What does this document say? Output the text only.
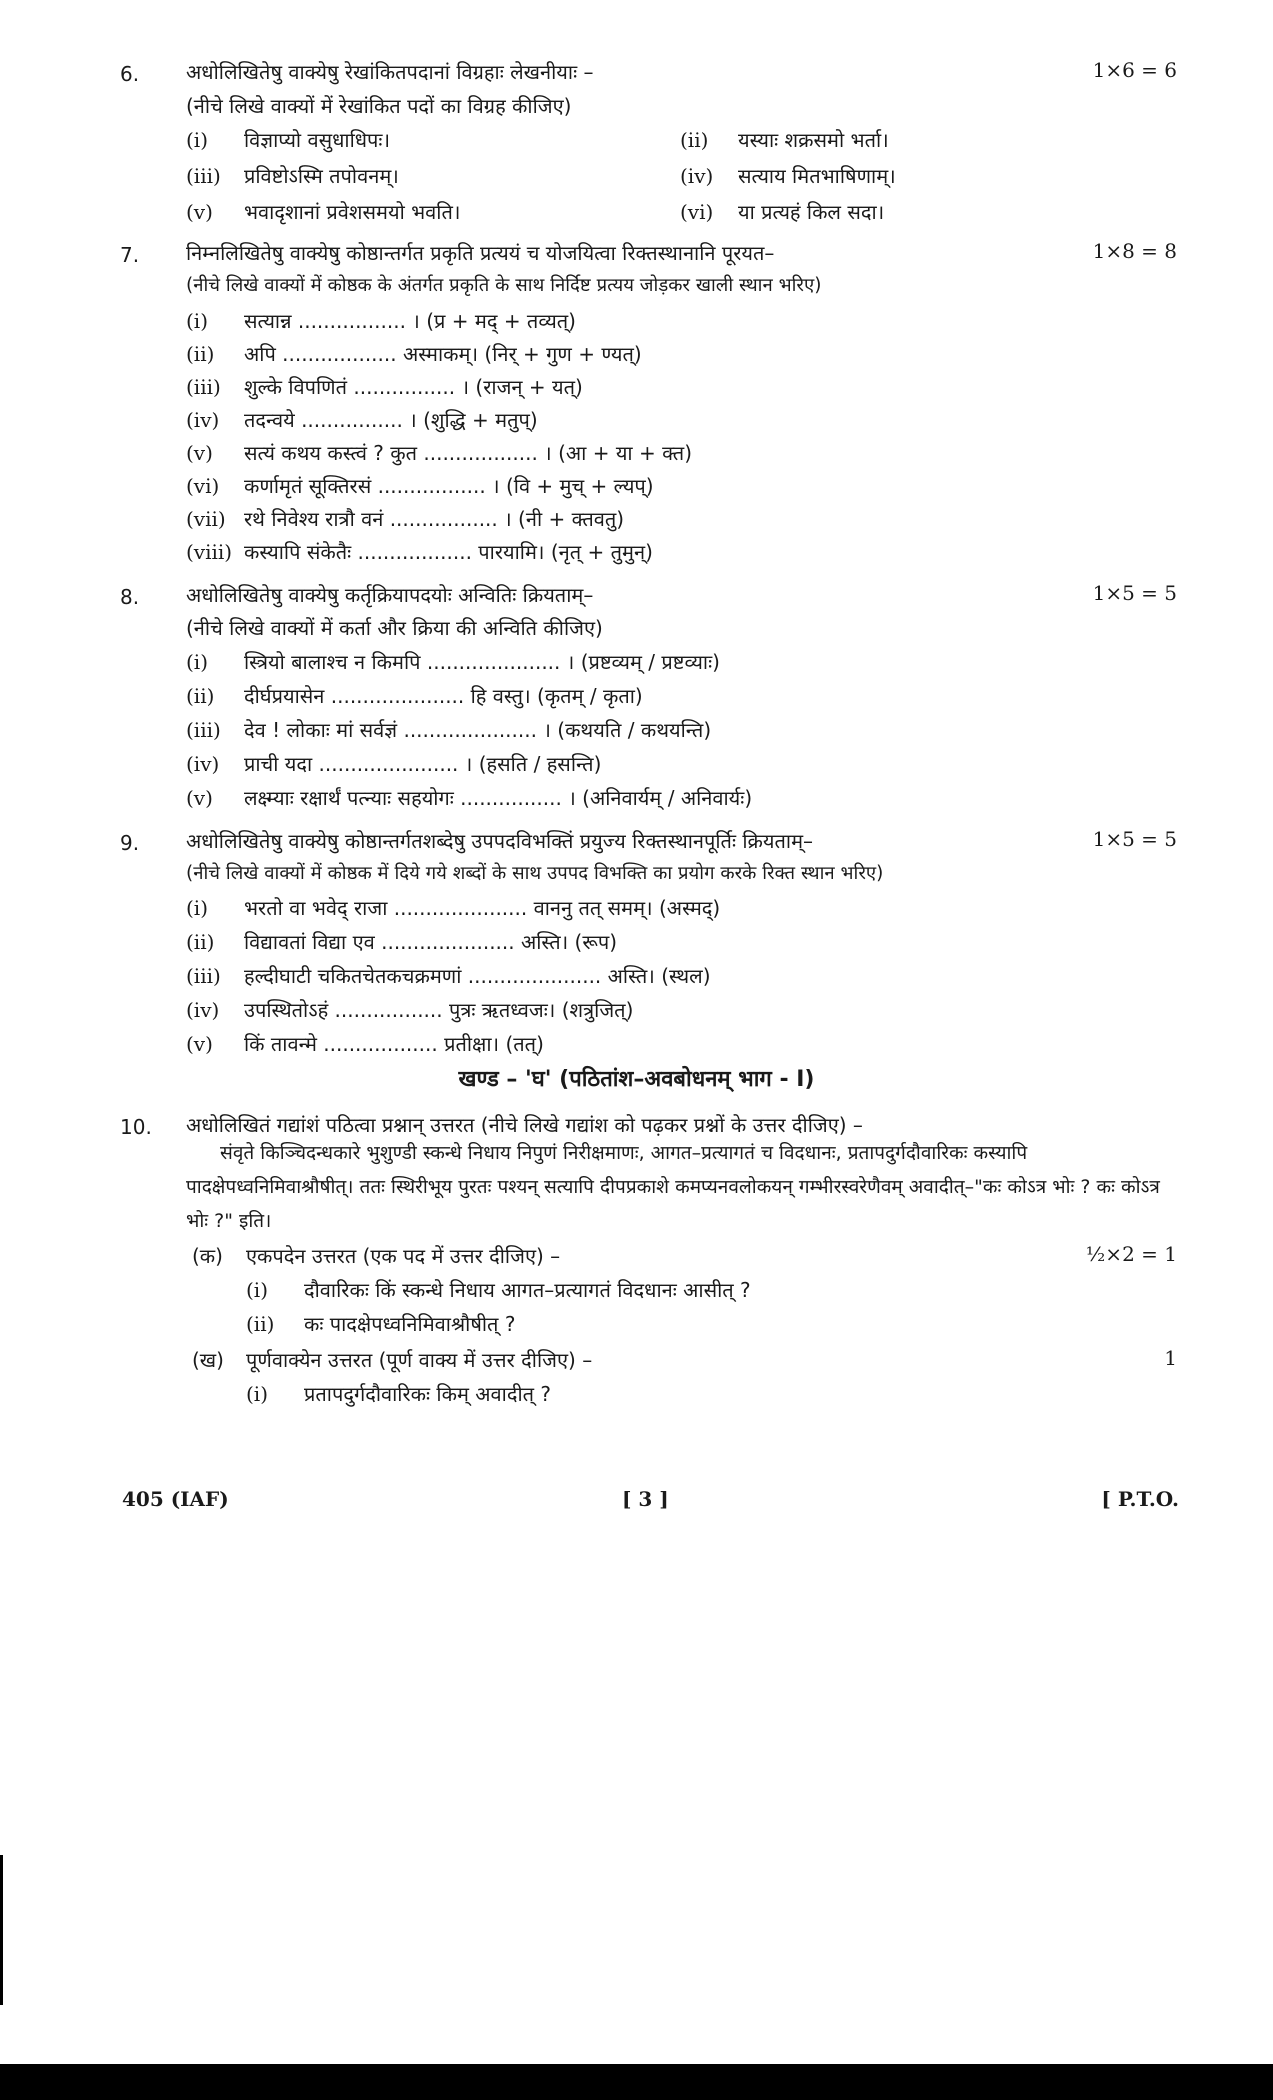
6. अधोलिखितेषु वाक्येषु रेखांकितपदानां विग्रहाः लेखनीयाः –	1×6 = 6
(नीचे लिखे वाक्यों में रेखांकित पदों का विग्रह कीजिए)
(i) विज्ञाप्यो वसुधाधिपः।	(ii) यस्याः शक्रसमो भर्ता।
(iii) प्रविष्टोऽस्मि तपोवनम्।	(iv) सत्याय मितभाषिणाम्।
(v) भवादृशानां प्रवेशसमयो भवति।	(vi) या प्रत्यहं किल सदा।
7. निम्नलिखितेषु वाक्येषु कोष्ठान्तर्गत प्रकृति प्रत्ययं च योजयित्वा रिक्तस्थानानि पूरयत–	1×8 = 8
(नीचे लिखे वाक्यों में कोष्ठक के अंतर्गत प्रकृति के साथ निर्दिष्ट प्रत्यय जोड़कर खाली स्थान भरिए)
(i) सत्यान्न ................. । (प्र + मद् + तव्यत्)
(ii) अपि .................. अस्माकम्। (निर् + गुण + ण्यत्)
(iii) शुल्के विपणितं ................ । (राजन् + यत्)
(iv) तदन्वये ................ । (शुद्धि + मतुप्)
(v) सत्यं कथय कस्त्वं ? कुत .................. । (आ + या + क्त)
(vi) कर्णामृतं सूक्तिरसं ................. । (वि + मुच् + ल्यप्)
(vii) रथे निवेश्य रात्रौ वनं ................. । (नी + क्तवतु)
(viii) कस्यापि संकेतैः .................. पारयामि। (नृत् + तुमुन्)
8. अधोलिखितेषु वाक्येषु कर्तृक्रियापदयोः अन्वितिः क्रियताम्–	1×5 = 5
(नीचे लिखे वाक्यों में कर्ता और क्रिया की अन्विति कीजिए)
(i) स्त्रियो बालाश्च न किमपि ..................... । (प्रष्टव्यम् / प्रष्टव्याः)
(ii) दीर्घप्रयासेन ..................... हि वस्तु। (कृतम् / कृता)
(iii) देव ! लोकाः मां सर्वज्ञं ..................... । (कथयति / कथयन्ति)
(iv) प्राची यदा ...................... । (हसति / हसन्ति)
(v) लक्ष्म्याः रक्षार्थं पत्न्याः सहयोगः ................ । (अनिवार्यम् / अनिवार्यः)
9. अधोलिखितेषु वाक्येषु कोष्ठान्तर्गतशब्देषु उपपदविभक्तिं प्रयुज्य रिक्तस्थानपूर्तिः क्रियताम्–	1×5 = 5
(नीचे लिखे वाक्यों में कोष्ठक में दिये गये शब्दों के साथ उपपद विभक्ति का प्रयोग करके रिक्त स्थान भरिए)
(i) भरतो वा भवेद् राजा ..................... वाननु तत् समम्। (अस्मद्)
(ii) विद्यावतां विद्या एव ..................... अस्ति। (रूप)
(iii) हल्दीघाटी चकितचेतकचक्रमणां ..................... अस्ति। (स्थल)
(iv) उपस्थितोऽहं ................. पुत्रः ऋतध्वजः। (शत्रुजित्)
(v) किं तावन्मे .................. प्रतीक्षा। (तत्)
खण्ड – 'घ' (पठितांश–अवबोधनम् भाग - I)
10. अधोलिखितं गद्यांशं पठित्वा प्रश्नान् उत्तरत (नीचे लिखे गद्यांश को पढ़कर प्रश्नों के उत्तर दीजिए) –
संवृते किञ्चिदन्धकारे भुशुण्डी स्कन्धे निधाय निपुणं निरीक्षमाणः, आगत–प्रत्यागतं च विदधानः, प्रतापदुर्गदौवारिकः कस्यापि पादक्षेपध्वनिमिवाश्रौषीत्। ततः स्थिरीभूय पुरतः पश्यन् सत्यापि दीपप्रकाशे कमप्यनवलोकयन् गम्भीरस्वरेणैवम् अवादीत्–"कः कोऽत्र भोः ? कः कोऽत्र भोः ?" इति।
(क) एकपदेन उत्तरत (एक पद में उत्तर दीजिए) –	½×2 = 1
(i) दौवारिकः किं स्कन्धे निधाय आगत–प्रत्यागतं विदधानः आसीत् ?
(ii) कः पादक्षेपध्वनिमिवाश्रौषीत् ?
(ख) पूर्णवाक्येन उत्तरत (पूर्ण वाक्य में उत्तर दीजिए) –	1
(i) प्रतापदुर्गदौवारिकः किम् अवादीत् ?
405 (IAF)	[ 3 ]	[ P.T.O.
